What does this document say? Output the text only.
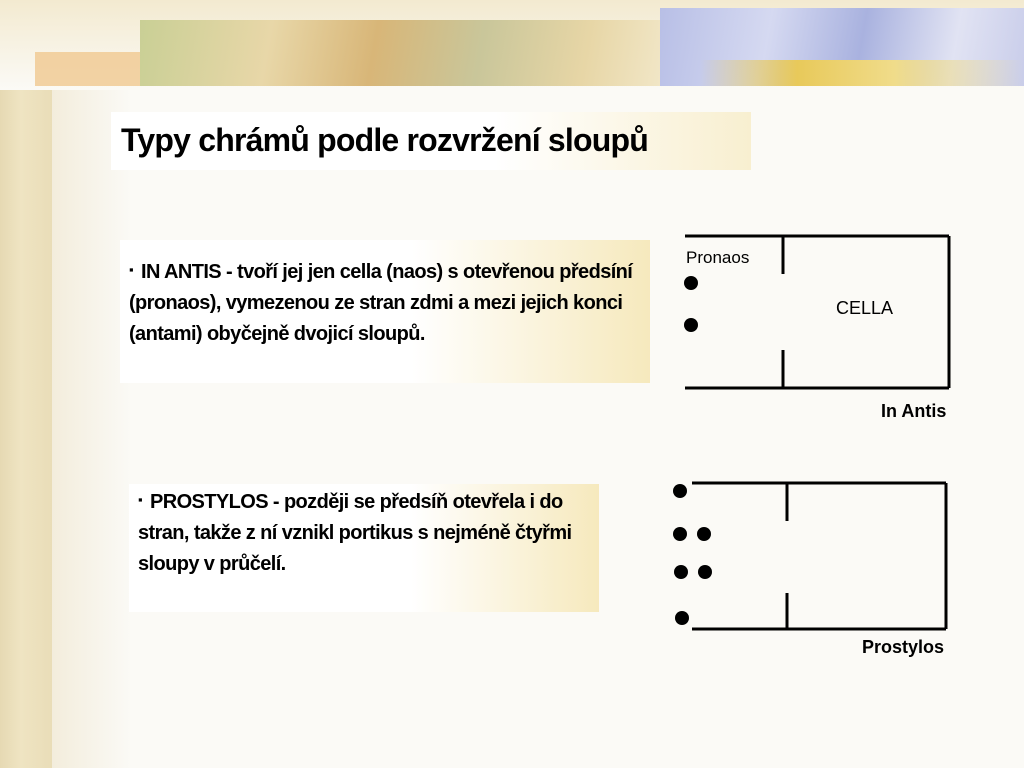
Typy chrámů podle rozvržení sloupů
▪ IN ANTIS - tvoří jej jen cella (naos) s otevřenou předsíní (pronaos), vymezenou ze stran zdmi a mezi jejich konci (antami) obyčejně dvojicí sloupů.
▪ PROSTYLOS - později se předsíň otevřela i do stran, takže z ní vznikl portikus s nejméně čtyřmi sloupy v průčelí.
Pronaos
CELLA
In Antis
Prostylos
